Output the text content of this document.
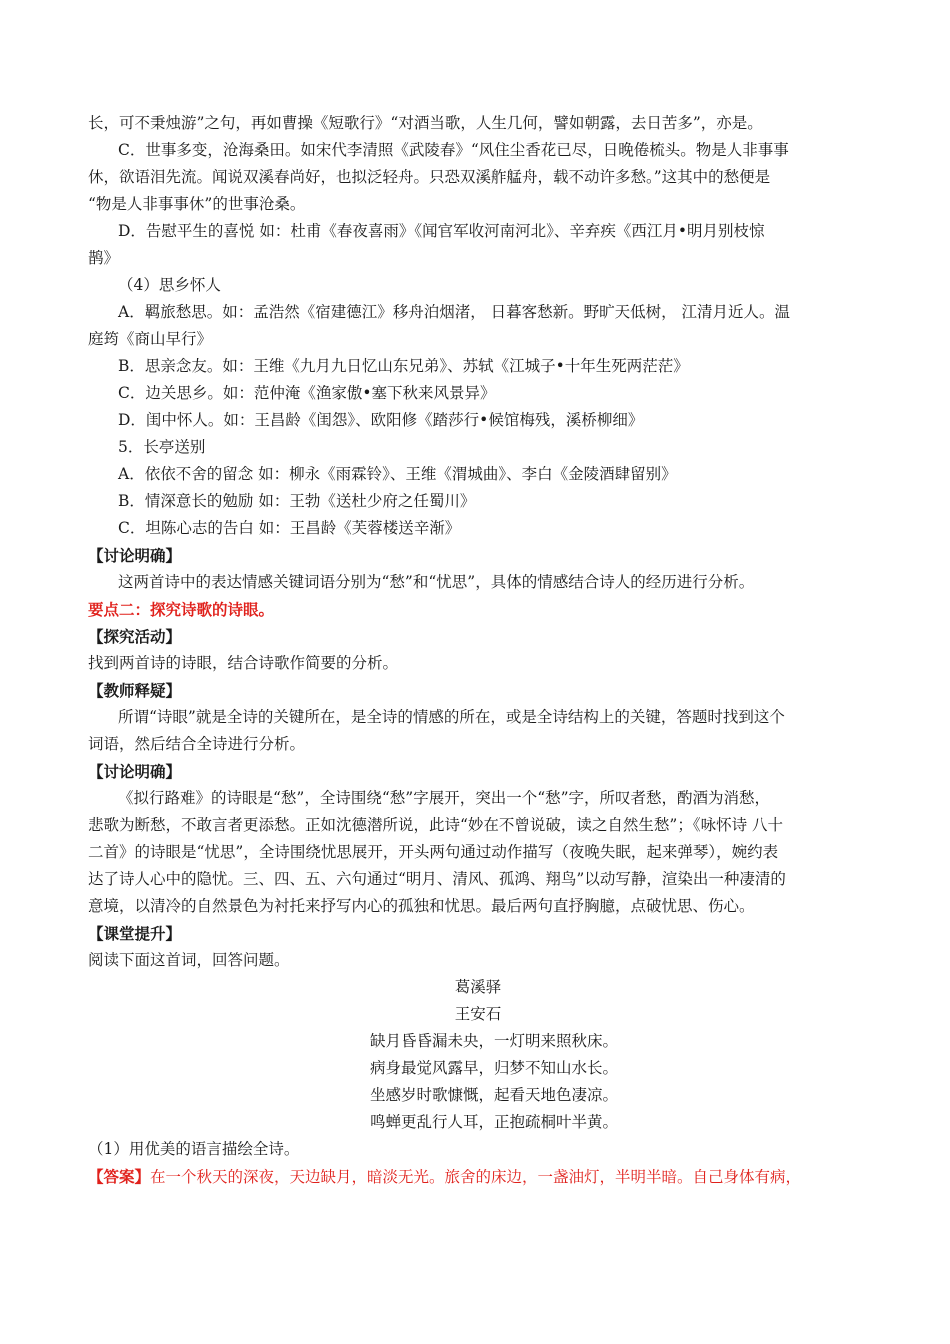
长，可不秉烛游”之句，再如曹操《短歌行》“对酒当歌，人生几何，譬如朝露，去日苦多”，亦是。

C．世事多变，沧海桑田。如宋代李清照《武陵春》“风住尘香花已尽，日晚倦梳头。物是人非事事

休，欲语泪先流。闻说双溪春尚好，也拟泛轻舟。只恐双溪舴艋舟，载不动许多愁。”这其中的愁便是

“物是人非事事休”的世事沧桑。

D．告慰平生的喜悦 如：杜甫《春夜喜雨》《闻官军收河南河北》、辛弃疾《西江月•明月别枝惊

鹊》

（4）思乡怀人

A．羁旅愁思。如：孟浩然《宿建德江》移舟泊烟渚， 日暮客愁新。野旷天低树， 江清月近人。温

庭筠《商山早行》

B．思亲念友。如：王维《九月九日忆山东兄弟》、苏轼《江城子•十年生死两茫茫》

C．边关思乡。如：范仲淹《渔家傲•塞下秋来风景异》

D．闺中怀人。如：王昌龄《闺怨》、欧阳修《踏莎行•候馆梅残，溪桥柳细》

5．长亭送别

A．依依不舍的留念 如：柳永《雨霖铃》、王维《渭城曲》、李白《金陵酒肆留别》

B．情深意长的勉励 如：王勃《送杜少府之任蜀川》

C．坦陈心志的告白 如：王昌龄《芙蓉楼送辛渐》

【讨论明确】

这两首诗中的表达情感关键词语分别为“愁”和“忧思”，具体的情感结合诗人的经历进行分析。

要点二：探究诗歌的诗眼。

【探究活动】

找到两首诗的诗眼，结合诗歌作简要的分析。

【教师释疑】

所谓“诗眼”就是全诗的关键所在，是全诗的情感的所在，或是全诗结构上的关键，答题时找到这个

词语，然后结合全诗进行分析。

【讨论明确】

《拟行路难》的诗眼是“愁”，全诗围绕“愁”字展开，突出一个“愁”字，所叹者愁，酌酒为消愁，

悲歌为断愁，不敢言者更添愁。正如沈德潜所说，此诗“妙在不曾说破，读之自然生愁”；《咏怀诗 八十

二首》的诗眼是“忧思”，全诗围绕忧思展开，开头两句通过动作描写（夜晚失眠，起来弹琴），婉约表

达了诗人心中的隐忧。三、四、五、六句通过“明月、清风、孤鸿、翔鸟”以动写静，渲染出一种凄清的

意境，以清冷的自然景色为衬托来抒写内心的孤独和忧思。最后两句直抒胸臆，点破忧思、伤心。

【课堂提升】

阅读下面这首词，回答问题。

葛溪驿

王安石

缺月昏昏漏未央，一灯明来照秋床。

病身最觉风露早，归梦不知山水长。

坐感岁时歌慷慨，起看天地色凄凉。

鸣蝉更乱行人耳，正抱疏桐叶半黄。

（1）用优美的语言描绘全诗。

【答案】在一个秋天的深夜，天边缺月，暗淡无光。旅舍的床边，一盏油灯，半明半暗。自己身体有病，
